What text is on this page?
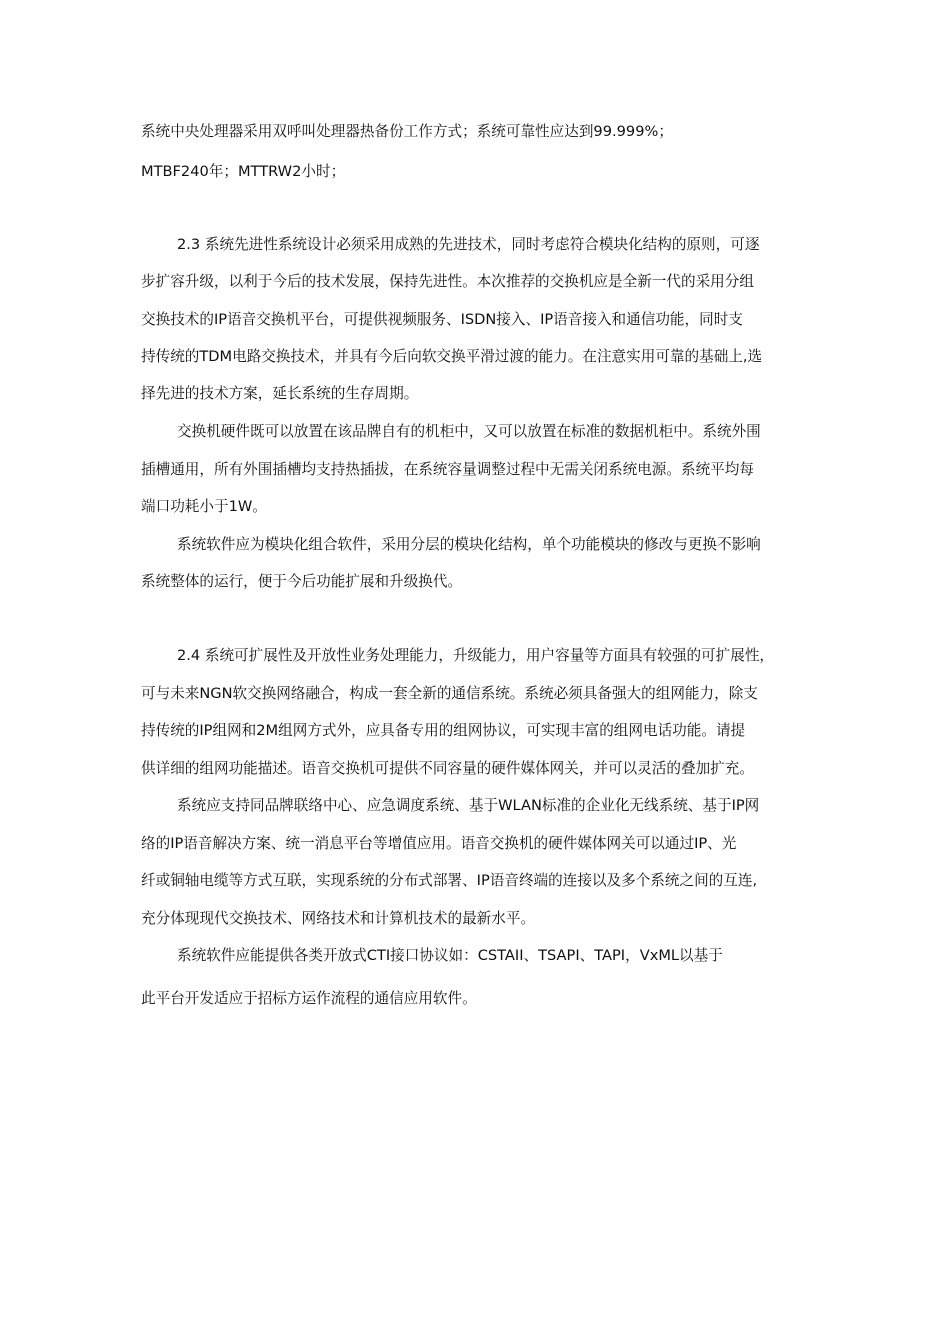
系统中央处理器采用双呼叫处理器热备份工作方式；系统可靠性应达到99.999%；

MTBF240年；MTTRW2小时；

2.3 系统先进性系统设计必须采用成熟的先进技术，同时考虑符合模块化结构的原则，可逐

步扩容升级，以利于今后的技术发展，保持先进性。本次推荐的交换机应是全新一代的采用分组

交换技术的IP语音交换机平台，可提供视频服务、ISDN接入、IP语音接入和通信功能，同时支

持传统的TDM电路交换技术，并具有今后向软交换平滑过渡的能力。在注意实用可靠的基础上,选

择先进的技术方案，延长系统的生存周期。

交换机硬件既可以放置在该品牌自有的机柜中，又可以放置在标准的数据机柜中。系统外围

插槽通用，所有外围插槽均支持热插拔，在系统容量调整过程中无需关闭系统电源。系统平均每

端口功耗小于1W。

系统软件应为模块化组合软件，采用分层的模块化结构，单个功能模块的修改与更换不影响

系统整体的运行，便于今后功能扩展和升级换代。

2.4 系统可扩展性及开放性业务处理能力，升级能力，用户容量等方面具有较强的可扩展性，

可与未来NGN软交换网络融合，构成一套全新的通信系统。系统必须具备强大的组网能力，除支

持传统的IP组网和2M组网方式外，应具备专用的组网协议，可实现丰富的组网电话功能。请提

供详细的组网功能描述。语音交换机可提供不同容量的硬件媒体网关，并可以灵活的叠加扩充。

系统应支持同品牌联络中心、应急调度系统、基于WLAN标准的企业化无线系统、基于IP网

络的IP语音解决方案、统一消息平台等增值应用。语音交换机的硬件媒体网关可以通过IP、光

纤或铜轴电缆等方式互联，实现系统的分布式部署、IP语音终端的连接以及多个系统之间的互连,

充分体现现代交换技术、网络技术和计算机技术的最新水平。

系统软件应能提供各类开放式CTI接口协议如：CSTAII、TSAPI、TAPI，VxML以基于

此平台开发适应于招标方运作流程的通信应用软件。
